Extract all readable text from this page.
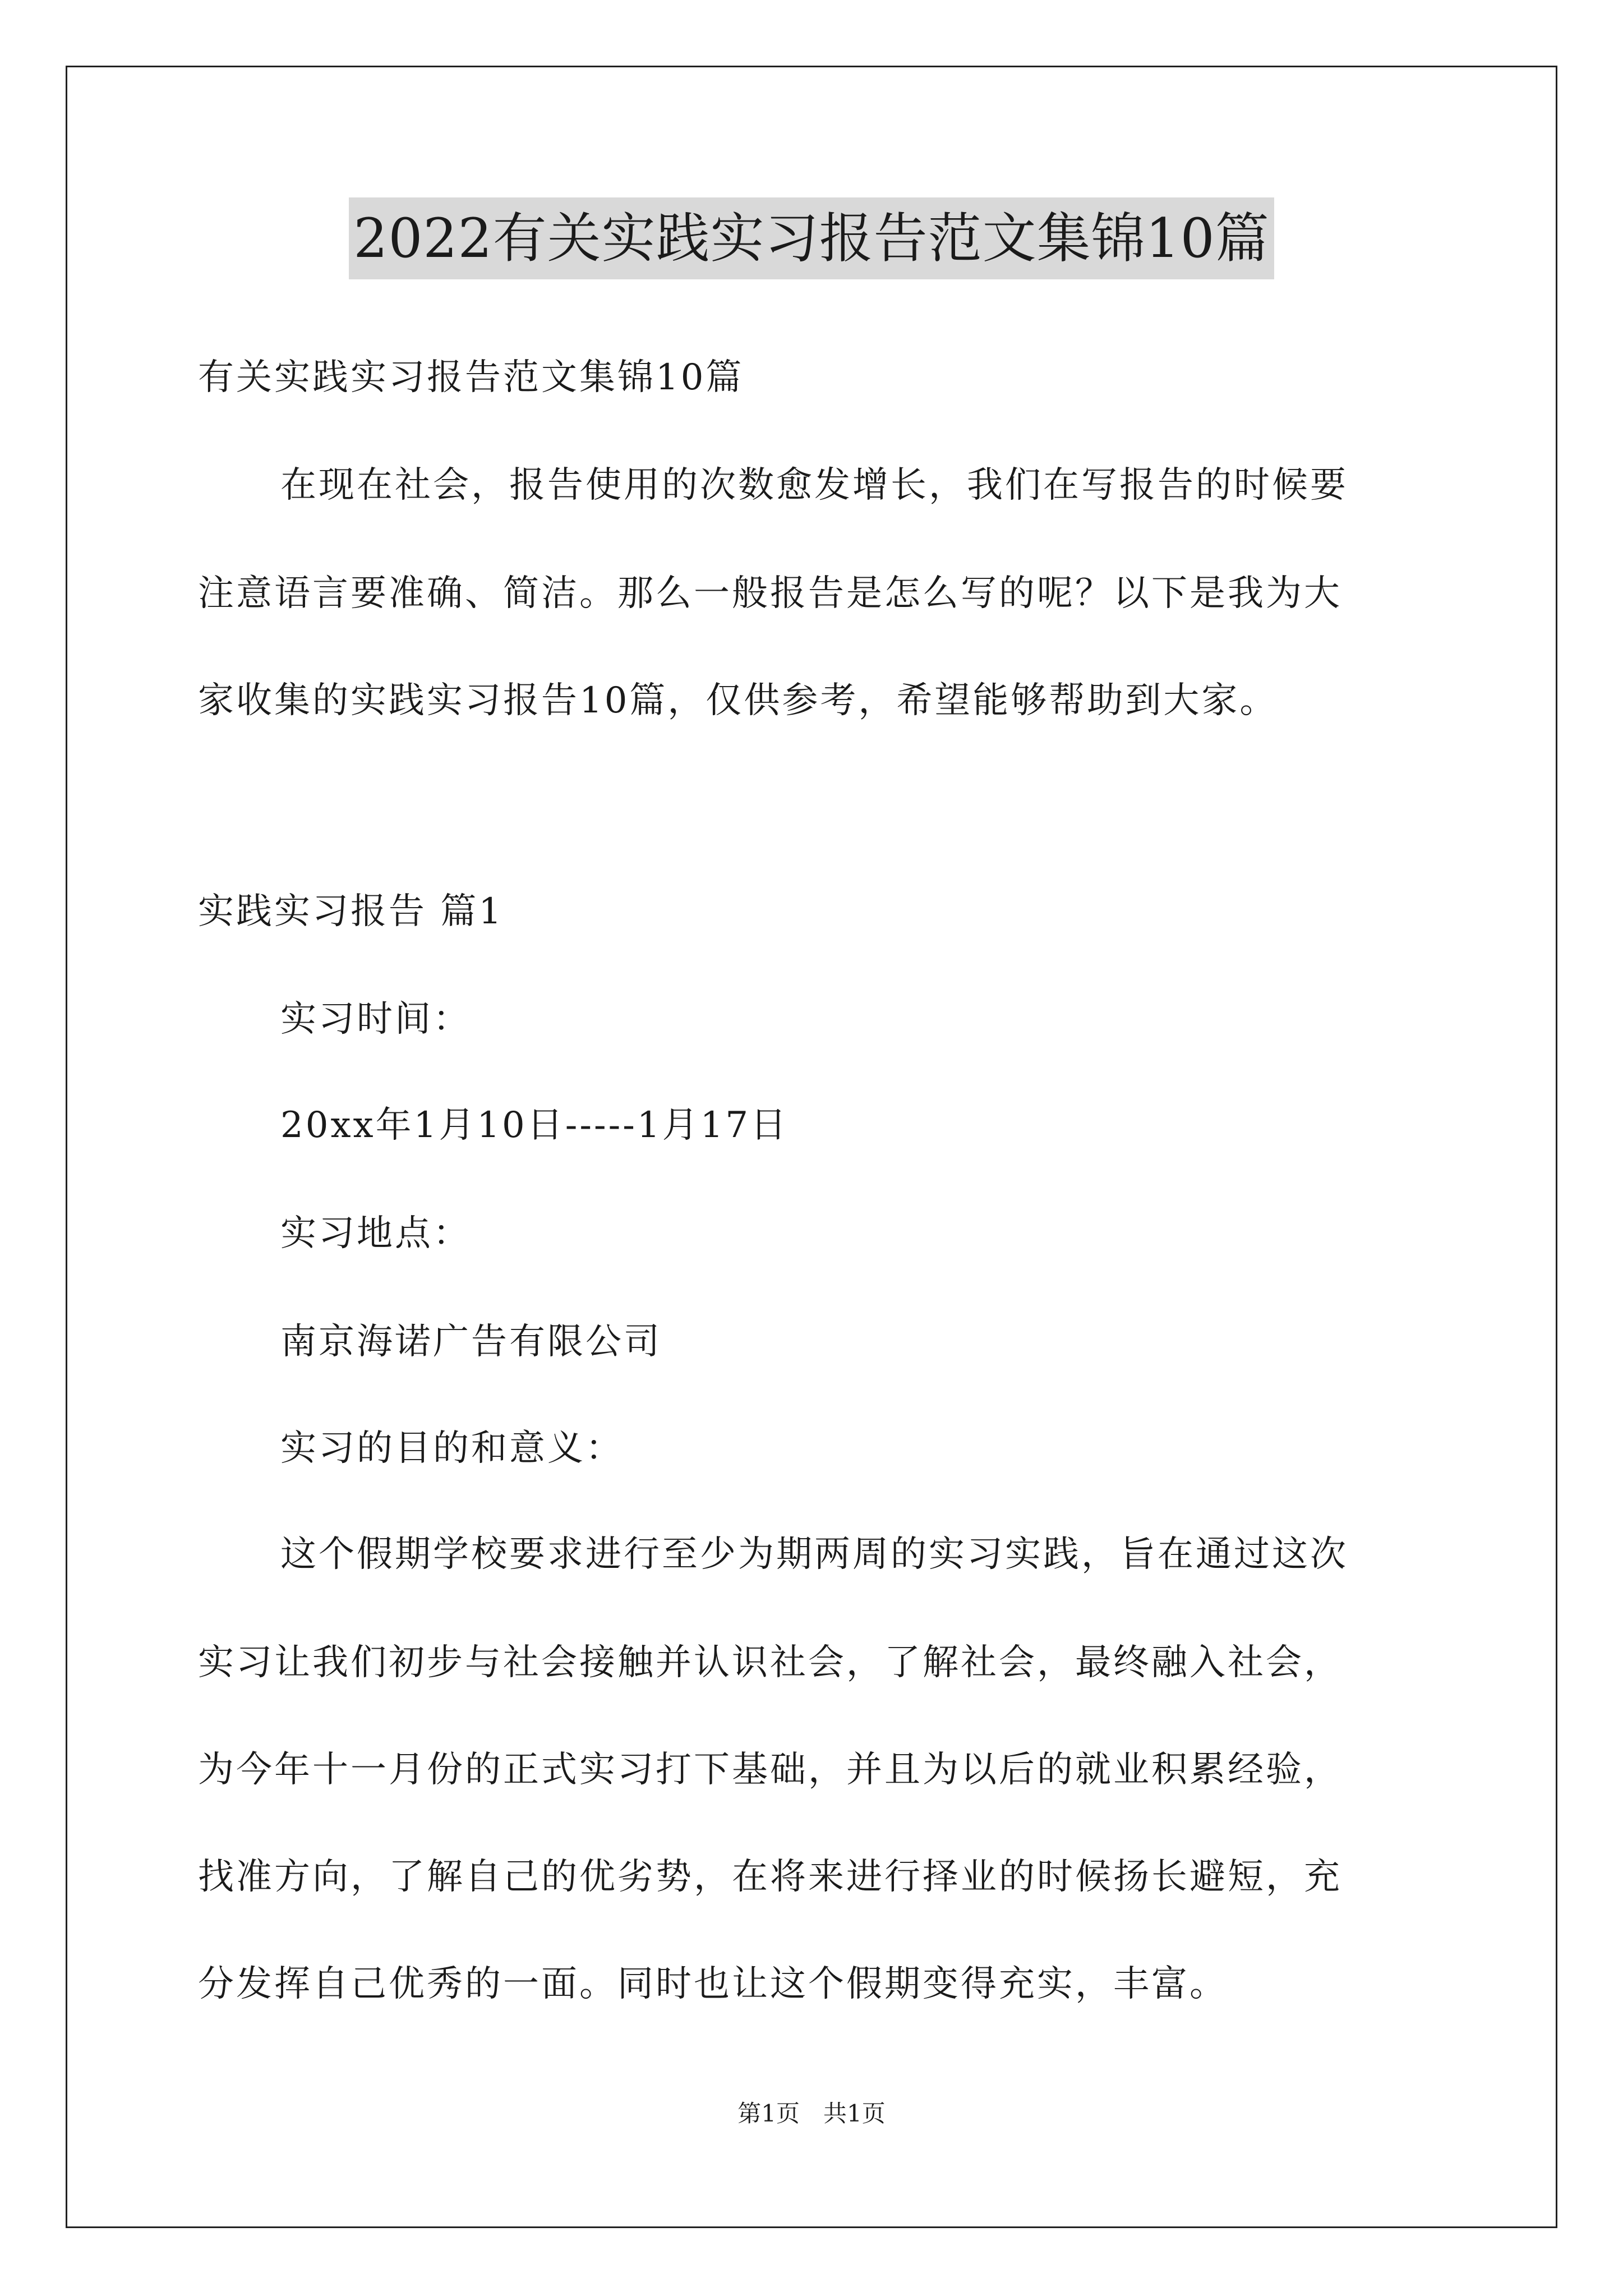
2022有关实践实习报告范文集锦10篇
有关实践实习报告范文集锦10篇
在现在社会，报告使用的次数愈发增长，我们在写报告的时候要
注意语言要准确、简洁。那么一般报告是怎么写的呢？以下是我为大
家收集的实践实习报告10篇，仅供参考，希望能够帮助到大家。
实践实习报告 篇1
实习时间：
20xx年1月10日-----1月17日
实习地点：
南京海诺广告有限公司
实习的目的和意义：
这个假期学校要求进行至少为期两周的实习实践，旨在通过这次
实习让我们初步与社会接触并认识社会，了解社会，最终融入社会，
为今年十一月份的正式实习打下基础，并且为以后的就业积累经验，
找准方向，了解自己的优劣势，在将来进行择业的时候扬长避短，充
分发挥自己优秀的一面。同时也让这个假期变得充实，丰富。
第1页　共1页
